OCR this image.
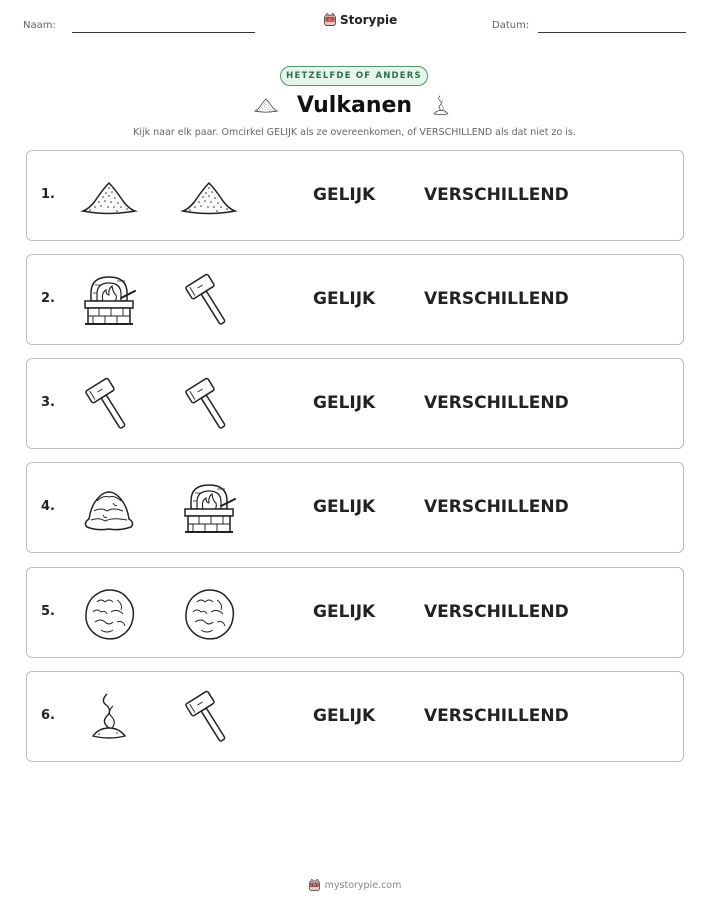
Naam:	Storypie	Datum:
HETZELFDE OF ANDERS
Vulkanen
Kijk naar elk paar. Omcirkel GELIJK als ze overeenkomen, of VERSCHILLEND als dat niet zo is.
1.	GELIJK	VERSCHILLEND
2.	GELIJK	VERSCHILLEND
3.	GELIJK	VERSCHILLEND
4.	GELIJK	VERSCHILLEND
5.	GELIJK	VERSCHILLEND
6.	GELIJK	VERSCHILLEND
mystorypie.com
